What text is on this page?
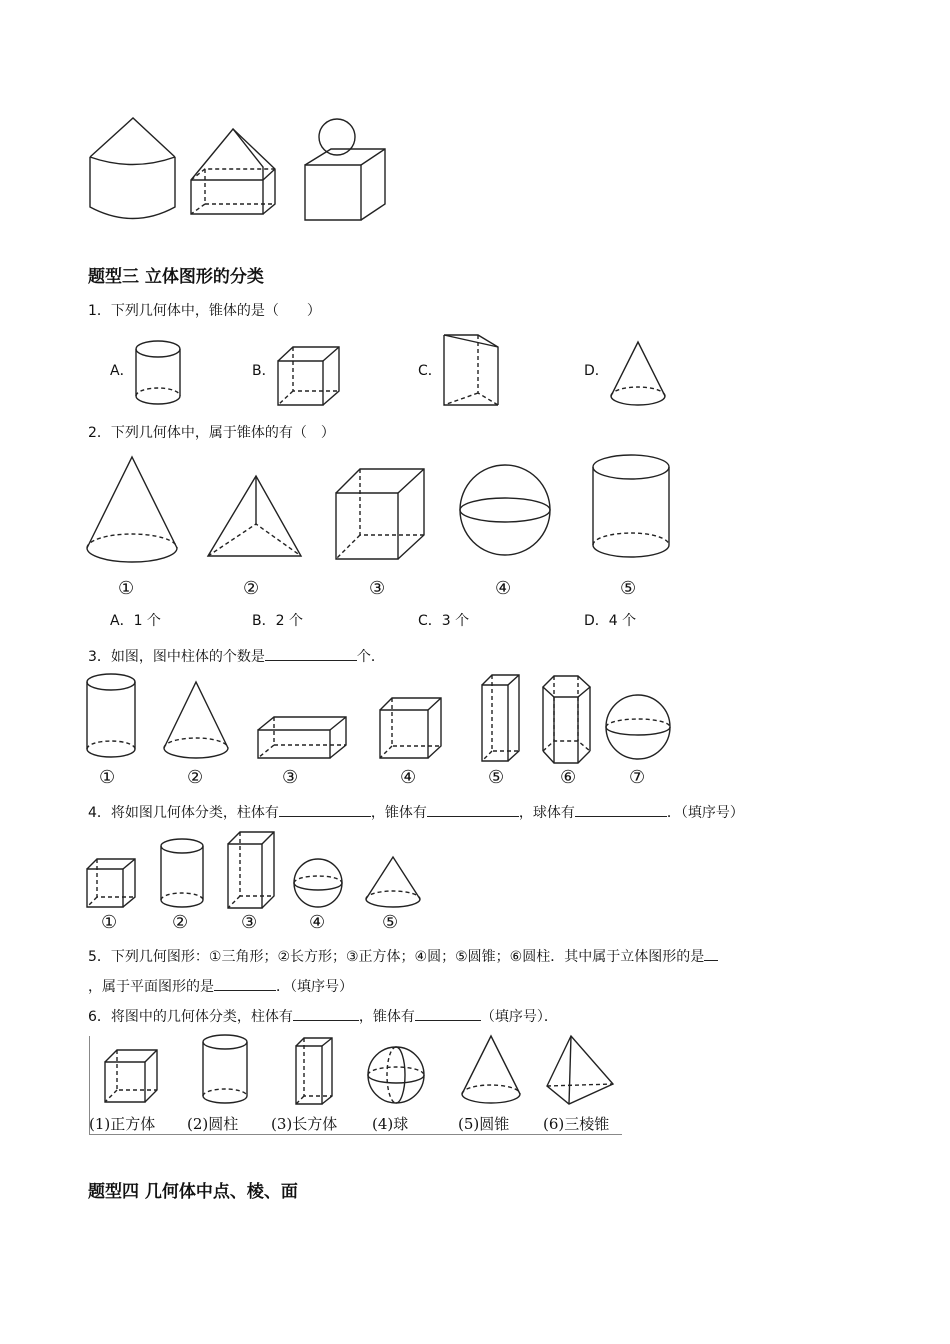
题型三 立体图形的分类
1．下列几何体中，锥体的是（　　）
A．	B．	C．	D．
2．下列几何体中，属于锥体的有（　）
①	②	③	④	⑤
A．1 个	B．2 个	C．3 个	D．4 个
3．如图，图中柱体的个数是	个．
①	②	③	④	⑤	⑥	⑦
4．将如图几何体分类，柱体有	，锥体有	，球体有	．（填序号）
①	②	③	④	⑤
5．下列几何图形：①三角形；②长方形；③正方体；④圆；⑤圆锥；⑥圆柱．其中属于立体图形的是
，属于平面图形的是	．（填序号）
6．将图中的几何体分类，柱体有	，锥体有	（填序号）．
(1)正方体 (2)圆柱 (3)长方体 (4)球	(5)圆锥 (6)三棱锥
题型四 几何体中点、棱、面
